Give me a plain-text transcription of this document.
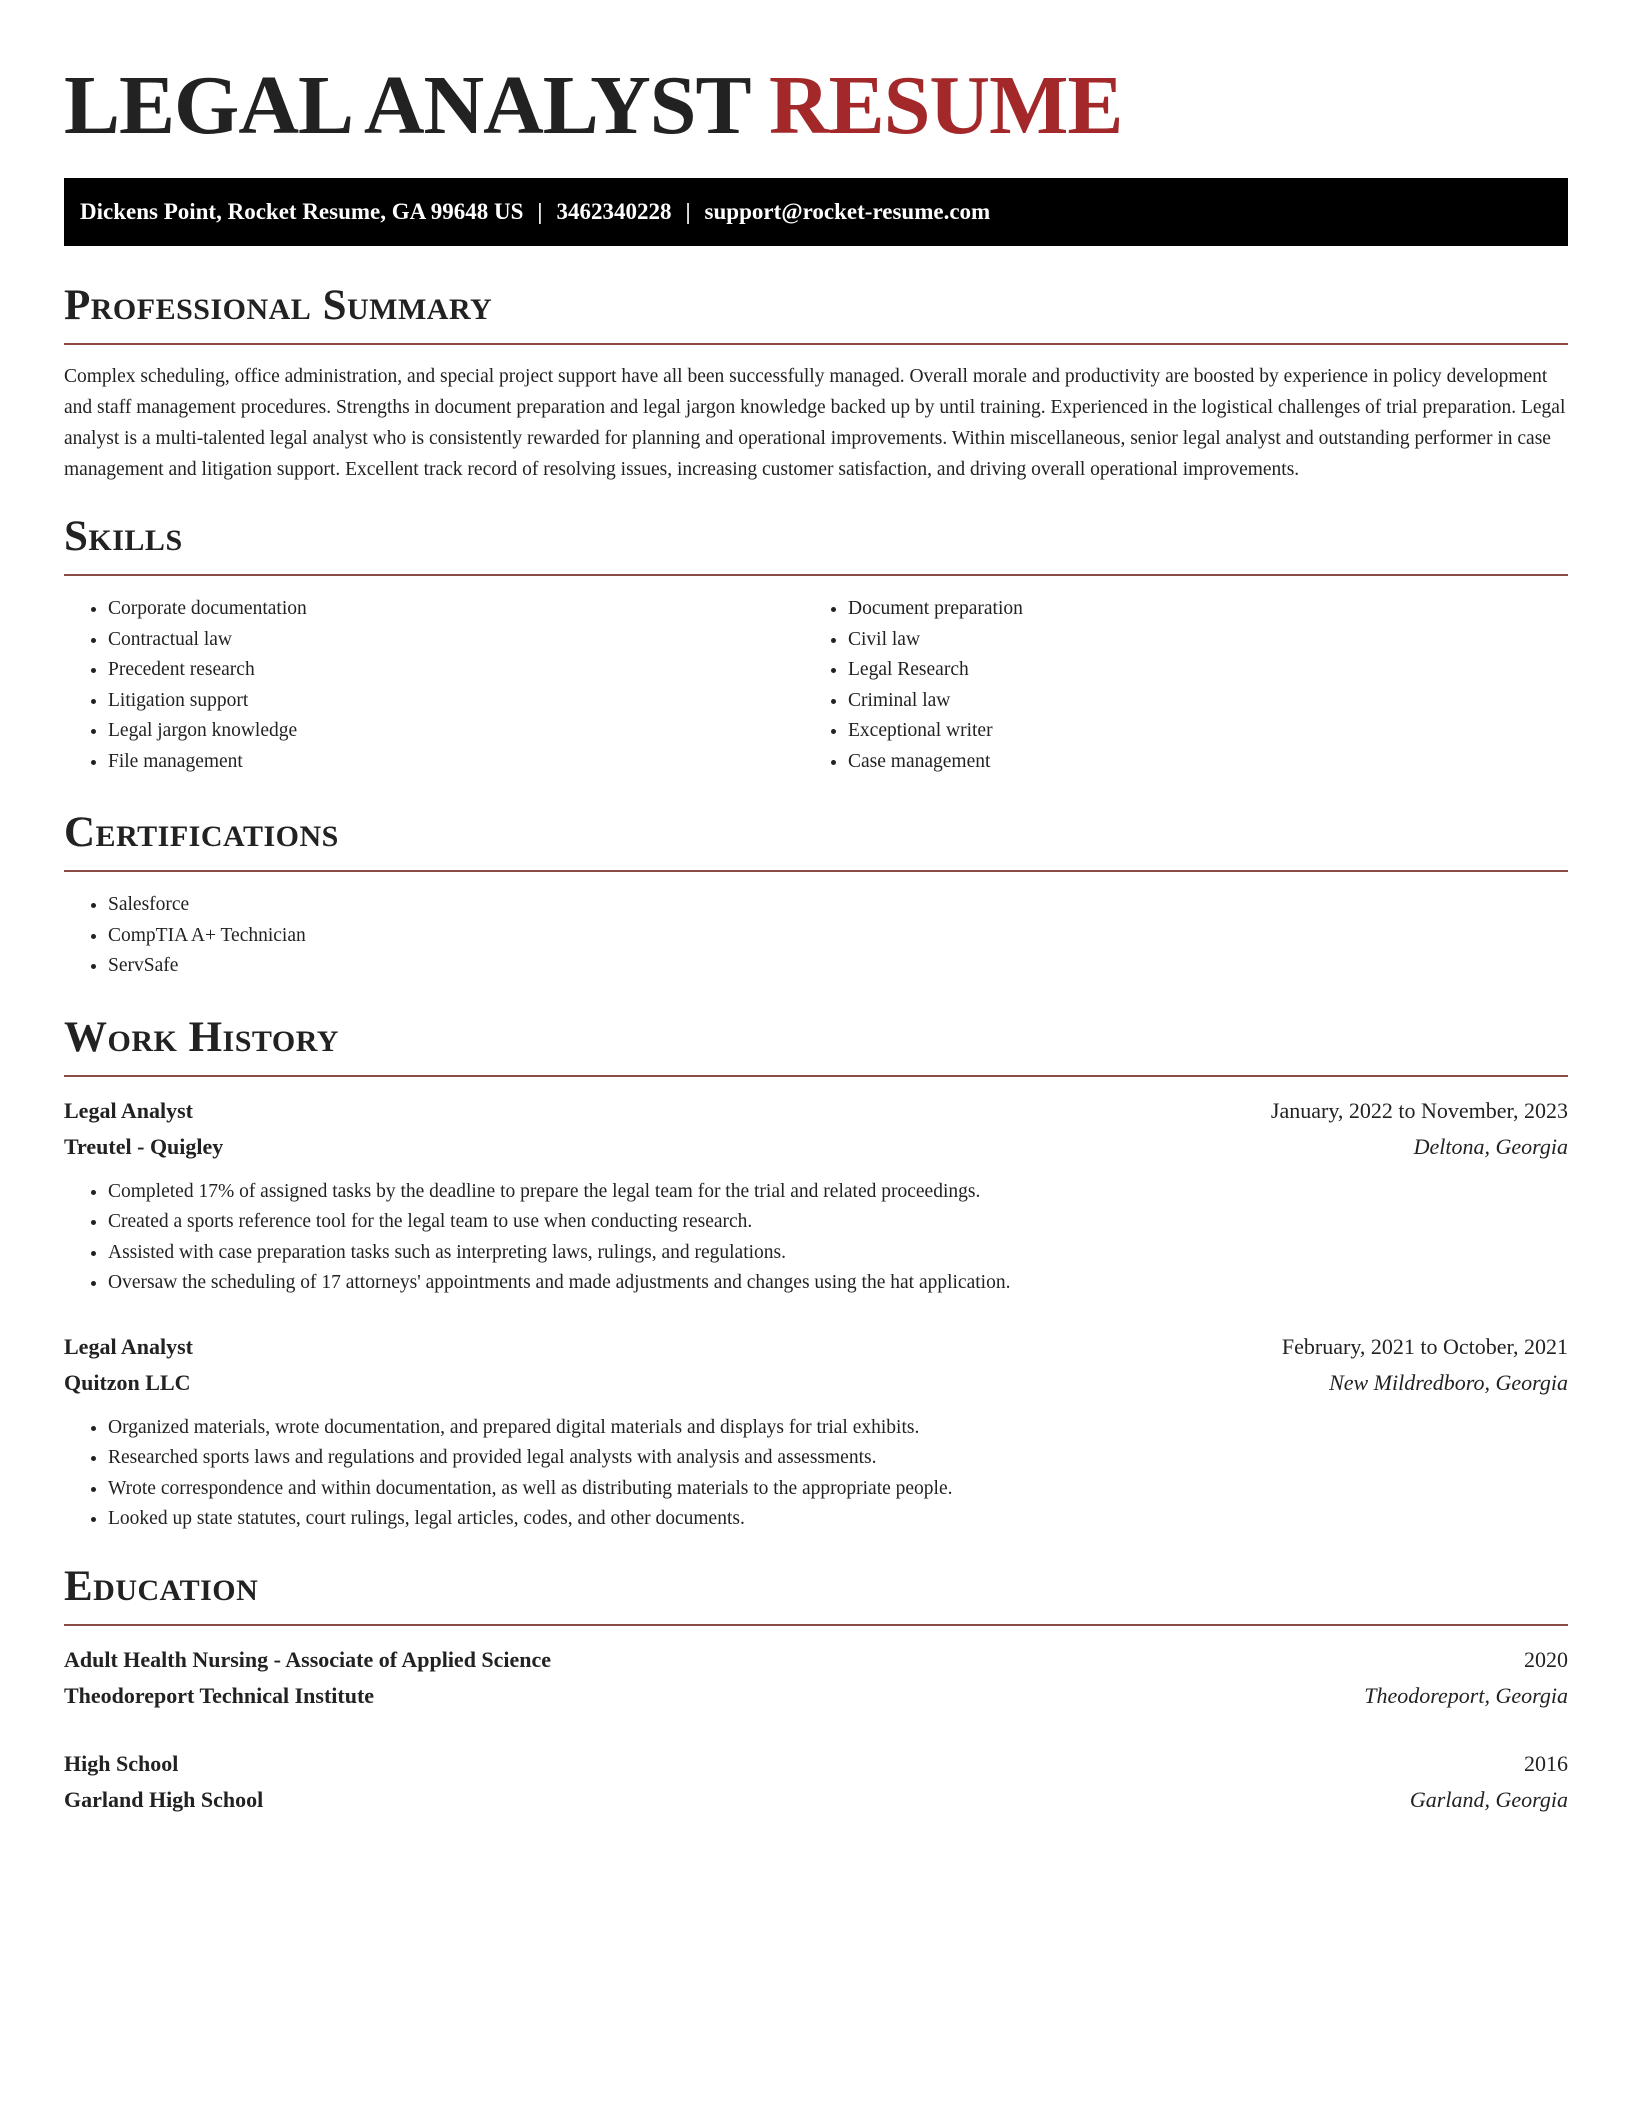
LEGAL ANALYST RESUME
Dickens Point, Rocket Resume, GA 99648 US | 3462340228 | support@rocket-resume.com
Professional Summary

Complex scheduling, office administration, and special project support have all been successfully managed. Overall morale and productivity are boosted by experience in policy development and staff management procedures. Strengths in document preparation and legal jargon knowledge backed up by until training. Experienced in the logistical challenges of trial preparation. Legal analyst is a multi-talented legal analyst who is consistently rewarded for planning and operational improvements. Within miscellaneous, senior legal analyst and outstanding performer in case management and litigation support. Excellent track record of resolving issues, increasing customer satisfaction, and driving overall operational improvements.

Skills
• Corporate documentation
• Contractual law
• Precedent research
• Litigation support
• Legal jargon knowledge
• File management
• Document preparation
• Civil law
• Legal Research
• Criminal law
• Exceptional writer
• Case management
Certifications
• Salesforce
• CompTIA A+ Technician
• ServSafe
Work History
Legal Analyst	January, 2022 to November, 2023
Treutel - Quigley	Deltona, Georgia
• Completed 17% of assigned tasks by the deadline to prepare the legal team for the trial and related proceedings.
• Created a sports reference tool for the legal team to use when conducting research.
• Assisted with case preparation tasks such as interpreting laws, rulings, and regulations.
• Oversaw the scheduling of 17 attorneys' appointments and made adjustments and changes using the hat application.
Legal Analyst	February, 2021 to October, 2021
Quitzon LLC	New Mildredboro, Georgia
• Organized materials, wrote documentation, and prepared digital materials and displays for trial exhibits.
• Researched sports laws and regulations and provided legal analysts with analysis and assessments.
• Wrote correspondence and within documentation, as well as distributing materials to the appropriate people.
• Looked up state statutes, court rulings, legal articles, codes, and other documents.
Education
Adult Health Nursing - Associate of Applied Science	2020
Theodoreport Technical Institute	Theodoreport, Georgia
High School	2016
Garland High School	Garland, Georgia
